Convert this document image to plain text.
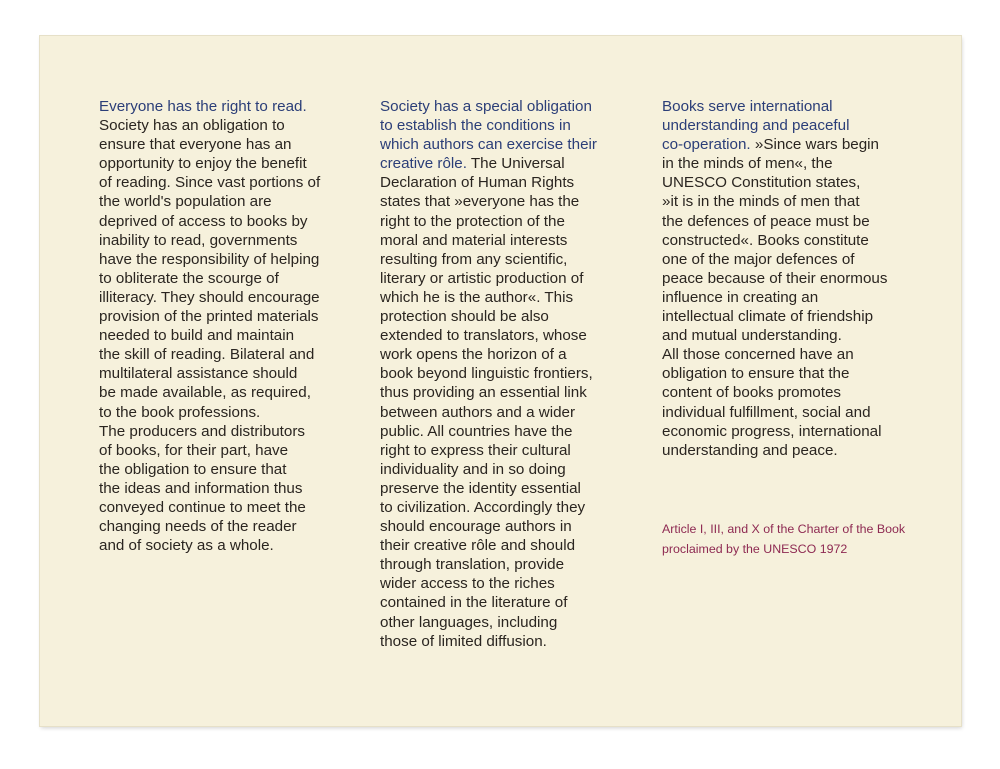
Everyone has the right to read.
Society has an obligation to
ensure that everyone has an
opportunity to enjoy the benefit
of reading. Since vast portions of
the world's population are
deprived of access to books by
inability to read, governments
have the responsibility of helping
to obliterate the scourge of
illiteracy. They should encourage
provision of the printed materials
needed to build and maintain
the skill of reading. Bilateral and
multilateral assistance should
be made available, as required,
to the book professions.
The producers and distributors
of books, for their part, have
the obligation to ensure that
the ideas and information thus
conveyed continue to meet the
changing needs of the reader
and of society as a whole.
Society has a special obligation
to establish the conditions in
which authors can exercise their
creative rôle. The Universal
Declaration of Human Rights
states that »everyone has the
right to the protection of the
moral and material interests
resulting from any scientific,
literary or artistic production of
which he is the author«. This
protection should be also
extended to translators, whose
work opens the horizon of a
book beyond linguistic frontiers,
thus providing an essential link
between authors and a wider
public. All countries have the
right to express their cultural
individuality and in so doing
preserve the identity essential
to civilization. Accordingly they
should encourage authors in
their creative rôle and should
through translation, provide
wider access to the riches
contained in the literature of
other languages, including
those of limited diffusion.
Books serve international
understanding and peaceful
co-operation. »Since wars begin
in the minds of men«, the
UNESCO Constitution states,
»it is in the minds of men that
the defences of peace must be
constructed«. Books constitute
one of the major defences of
peace because of their enormous
influence in creating an
intellectual climate of friendship
and mutual understanding.
All those concerned have an
obligation to ensure that the
content of books promotes
individual fulfillment, social and
economic progress, international
understanding and peace.
Article I, III, and X of the Charter of the Book
proclaimed by the UNESCO 1972
